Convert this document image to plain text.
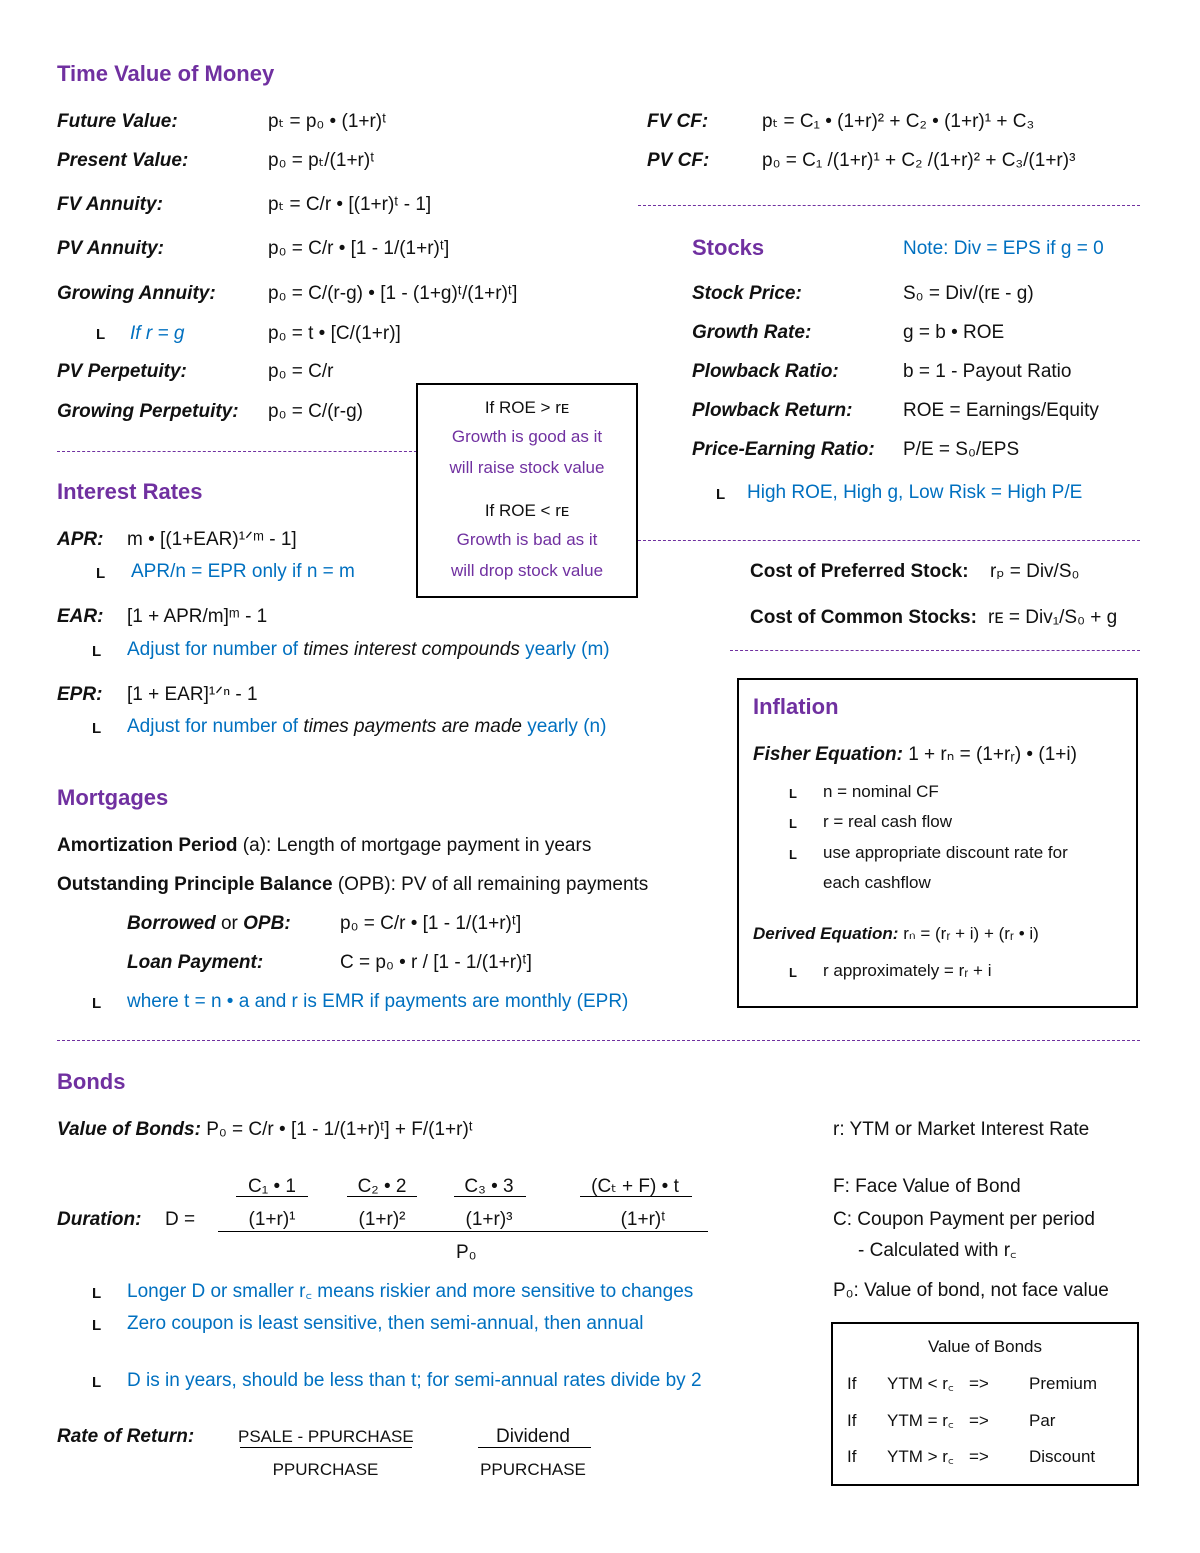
Time Value of Money
Future Value:	pₜ = p₀ • (1+r)ᵗ
Present Value:	p₀ = pₜ/(1+r)ᵗ
FV Annuity:	pₜ = C/r • [(1+r)ᵗ - 1]
PV Annuity:	p₀ = C/r • [1 - 1/(1+r)ᵗ]
Growing Annuity:	p₀ = C/(r-g) • [1 - (1+g)ᵗ/(1+r)ᵗ]
L If r = g	p₀ = t • [C/(1+r)]
PV Perpetuity:	p₀ = C/r
Growing Perpetuity: p₀ = C/(r-g)
FV CF:	pₜ = C₁ • (1+r)² + C₂ • (1+r)¹ + C₃
PV CF:	p₀ = C₁ /(1+r)¹ + C₂ /(1+r)² + C₃/(1+r)³
If ROE > rᴇ
Growth is good as it
will raise stock value
If ROE < rᴇ
Growth is bad as it
will drop stock value
Stocks	Note: Div = EPS if g = 0
Stock Price:	S₀ = Div/(rᴇ - g)
Growth Rate:	g = b • ROE
Plowback Ratio:	b = 1 - Payout Ratio
Plowback Return:	ROE = Earnings/Equity
Price-Earning Ratio: P/E = S₀/EPS
L High ROE, High g, Low Risk = High P/E
Cost of Preferred Stock: rₚ = Div/S₀
Cost of Common Stocks: rᴇ = Div₁/S₀ + g
Interest Rates
APR: m • [(1+EAR)¹ᐟᵐ - 1]
L APR/n = EPR only if n = m
EAR: [1 + APR/m]ᵐ - 1
L Adjust for number of times interest compounds yearly (m)
EPR: [1 + EAR]¹ᐟⁿ - 1
L Adjust for number of times payments are made yearly (n)
Inflation
Fisher Equation: 1 + rₙ = (1+rᵣ) • (1+i)
L n = nominal CF
L r = real cash flow
L use appropriate discount rate for
each cashflow
Derived Equation: rₙ = (rᵣ + i) + (rᵣ • i)
L r approximately = rᵣ + i
Mortgages
Amortization Period (a): Length of mortgage payment in years
Outstanding Principle Balance (OPB): PV of all remaining payments
Borrowed or OPB:	p₀ = C/r • [1 - 1/(1+r)ᵗ]
Loan Payment:	C = p₀ • r / [1 - 1/(1+r)ᵗ]
L where t = n • a and r is EMR if payments are monthly (EPR)
Bonds
Value of Bonds: P₀ = C/r • [1 - 1/(1+r)ᵗ] + F/(1+r)ᵗ
Duration: D =
C₁ • 1
(1+r)¹
C₂ • 2
(1+r)²
C₃ • 3
(1+r)³
(Cₜ + F) • t
(1+r)ᵗ
P₀
L Longer D or smaller r꜀ means riskier and more sensitive to changes
L Zero coupon is least sensitive, then semi-annual, then annual
L D is in years, should be less than t; for semi-annual rates divide by 2
Rate of Return:	PSALE - PPURCHASE
PPURCHASE
Dividend
PPURCHASE
r: YTM or Market Interest Rate
F: Face Value of Bond
C: Coupon Payment per period
- Calculated with r꜀
P₀: Value of bond, not face value
Value of Bonds
If YTM < r꜀ => Premium
If YTM = r꜀ => Par
If YTM > r꜀ => Discount
